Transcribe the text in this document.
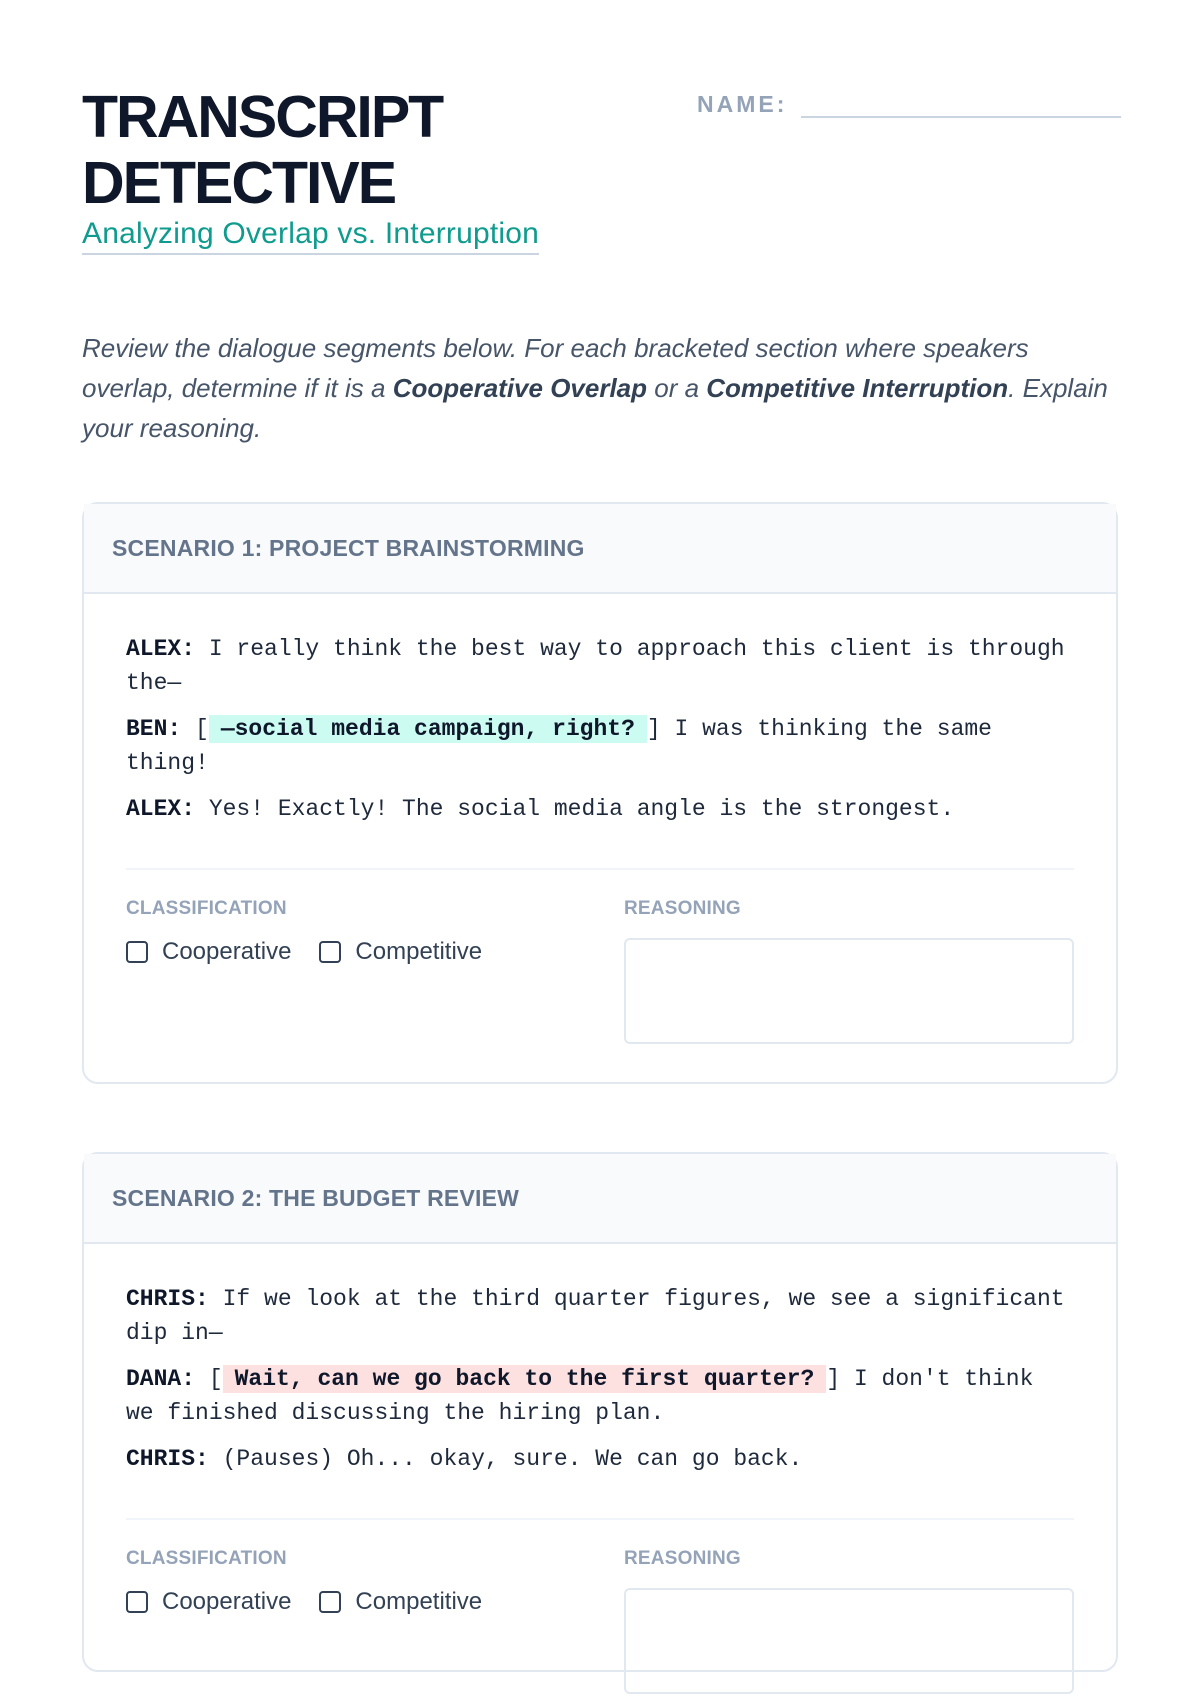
TRANSCRIPT DETECTIVE
Analyzing Overlap vs. Interruption
NAME:

Review the dialogue segments below. For each bracketed section where speakers overlap, determine if it is a Cooperative Overlap or a Competitive Interruption. Explain your reasoning.

SCENARIO 1: PROJECT BRAINSTORMING
ALEX: I really think the best way to approach this client is through the—
BEN: [ —social media campaign, right? ] I was thinking the same thing!
ALEX: Yes! Exactly! The social media angle is the strongest.
CLASSIFICATION
Cooperative	Competitive
REASONING
SCENARIO 2: THE BUDGET REVIEW
CHRIS: If we look at the third quarter figures, we see a significant dip in—
DANA: [ Wait, can we go back to the first quarter? ] I don't think we finished discussing the hiring plan.
CHRIS: (Pauses) Oh... okay, sure. We can go back.
CLASSIFICATION
Cooperative	Competitive
REASONING
